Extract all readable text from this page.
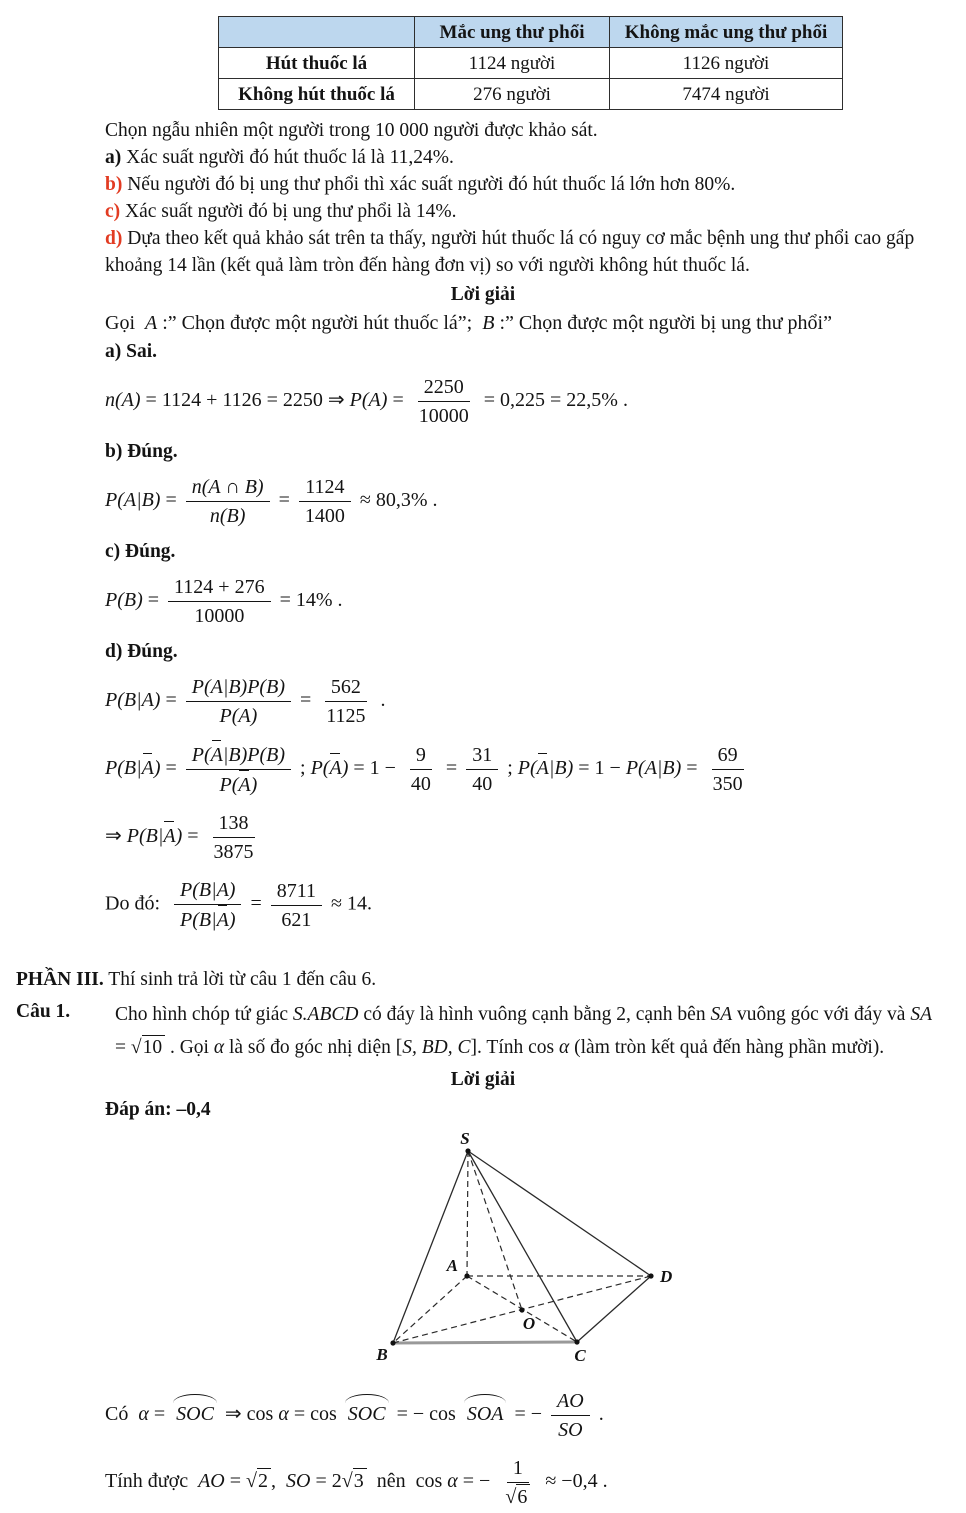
	Mắc ung thư phổi	Không mắc ung thư phổi
Hút thuốc lá	1124 người	1126 người
Không hút thuốc lá	276 người	7474 người
Chọn ngẫu nhiên một người trong 10 000 người được khảo sát.
a) Xác suất người đó hút thuốc lá là 11,24%.
b) Nếu người đó bị ung thư phổi thì xác suất người đó hút thuốc lá lớn hơn 80%.
c) Xác suất người đó bị ung thư phổi là 14%.
d) Dựa theo kết quả khảo sát trên ta thấy, người hút thuốc lá có nguy cơ mắc bệnh ung thư phổi cao gấp khoảng 14 lần (kết quả làm tròn đến hàng đơn vị) so với người không hút thuốc lá.
Lời giải
Gọi  A :” Chọn được một người hút thuốc lá”;  B :” Chọn được một người bị ung thư phổi”
a) Sai.
n(A) = 1124 + 1126 = 2250 ⇒ $P(A) = \frac{2250}{10000} = 0,225 = 22,5\%$ .
b) Đúng.
$P(A|B) = \frac{n(A \cap B)}{n(B)} = \frac{1124}{1400} \approx 80,3\%$ .
c) Đúng.
$P(B) = \frac{1124 + 276}{10000} = 14\%$ .
d) Đúng.
$P(B|A) = \frac{P(A|B)P(B)}{P(A)} = \frac{562}{1125}$ .
$P(B|A) = \frac{P(A|B)P(B)}{P(A)}$ ; $P(A) = 1 - \frac{9}{40} = \frac{31}{40}$ ; $P(A|B) = 1 - P(A|B) = \frac{69}{350}$
⇒ $P(B|A) = \frac{138}{3875}$
Do đó: $\frac{P(B|A)}{P(B|A)} = \frac{8711}{621} \approx 14$.
PHẦN III. Thí sinh trả lời từ câu 1 đến câu 6.
Câu 1.	Cho hình chóp tứ giác S.ABCD có đáy là hình vuông cạnh bằng 2, cạnh bên SA vuông góc với đáy và SA = √10 . Gọi α là số đo góc nhị diện [S, BD, C]. Tính cos α (làm tròn kết quả đến hàng phần mười).
Lời giải
Đáp án: –0,4
S
A
B	C
D
O
Có  α = SOC ⇒ cos α = cos SOC = − cos SOA = − $\frac{AO}{SO}$ .
Tính được  AO = √2 ,  SO = 2√3  nên  cos α = − $\frac{1}{√6} \approx -0,4$ .
